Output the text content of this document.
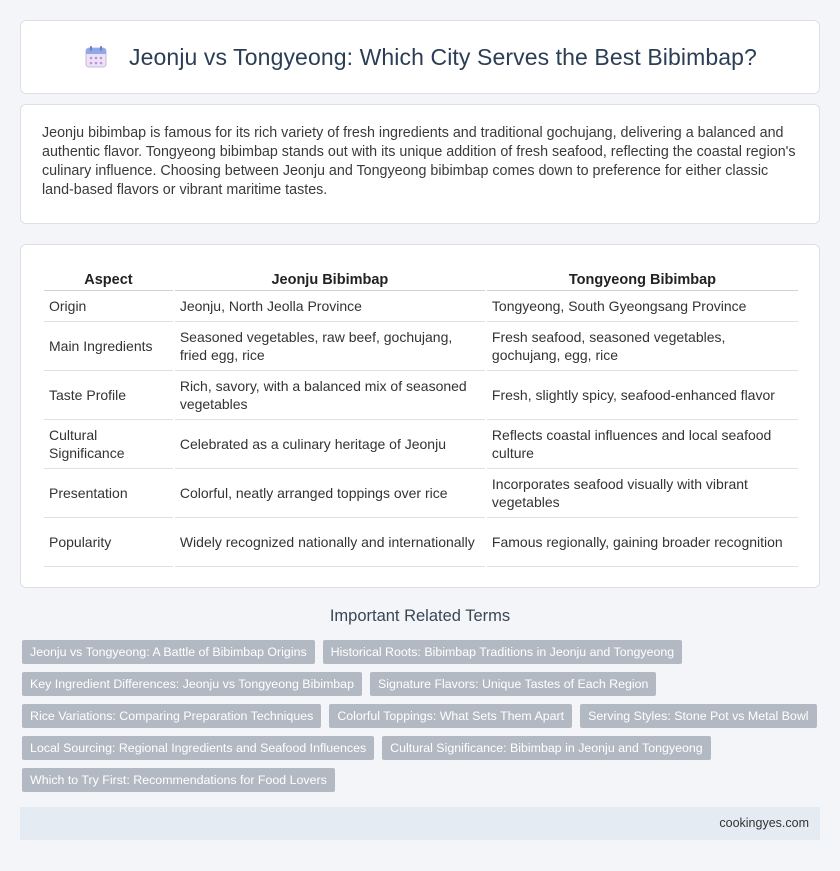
Jeonju vs Tongyeong: Which City Serves the Best Bibimbap?

Jeonju bibimbap is famous for its rich variety of fresh ingredients and traditional gochujang, delivering a balanced and authentic flavor. Tongyeong bibimbap stands out with its unique addition of fresh seafood, reflecting the coastal region's culinary influence. Choosing between Jeonju and Tongyeong bibimbap comes down to preference for either classic land-based flavors or vibrant maritime tastes.

Aspect	Jeonju Bibimbap	Tongyeong Bibimbap
Origin	Jeonju, North Jeolla Province	Tongyeong, South Gyeongsang Province
Main Ingredients	Seasoned vegetables, raw beef, gochujang, fried egg, rice	Fresh seafood, seasoned vegetables, gochujang, egg, rice
Taste Profile	Rich, savory, with a balanced mix of seasoned vegetables	Fresh, slightly spicy, seafood-enhanced flavor
Cultural Significance	Celebrated as a culinary heritage of Jeonju	Reflects coastal influences and local seafood culture
Presentation	Colorful, neatly arranged toppings over rice	Incorporates seafood visually with vibrant vegetables
Popularity	Widely recognized nationally and internationally	Famous regionally, gaining broader recognition
Important Related Terms
Jeonju vs Tongyeong: A Battle of Bibimbap Origins	Historical Roots: Bibimbap Traditions in Jeonju and Tongyeong
Key Ingredient Differences: Jeonju vs Tongyeong Bibimbap	Signature Flavors: Unique Tastes of Each Region
Rice Variations: Comparing Preparation Techniques	Colorful Toppings: What Sets Them Apart	Serving Styles: Stone Pot vs Metal Bowl
Local Sourcing: Regional Ingredients and Seafood Influences	Cultural Significance: Bibimbap in Jeonju and Tongyeong
Which to Try First: Recommendations for Food Lovers
cookingyes.com
